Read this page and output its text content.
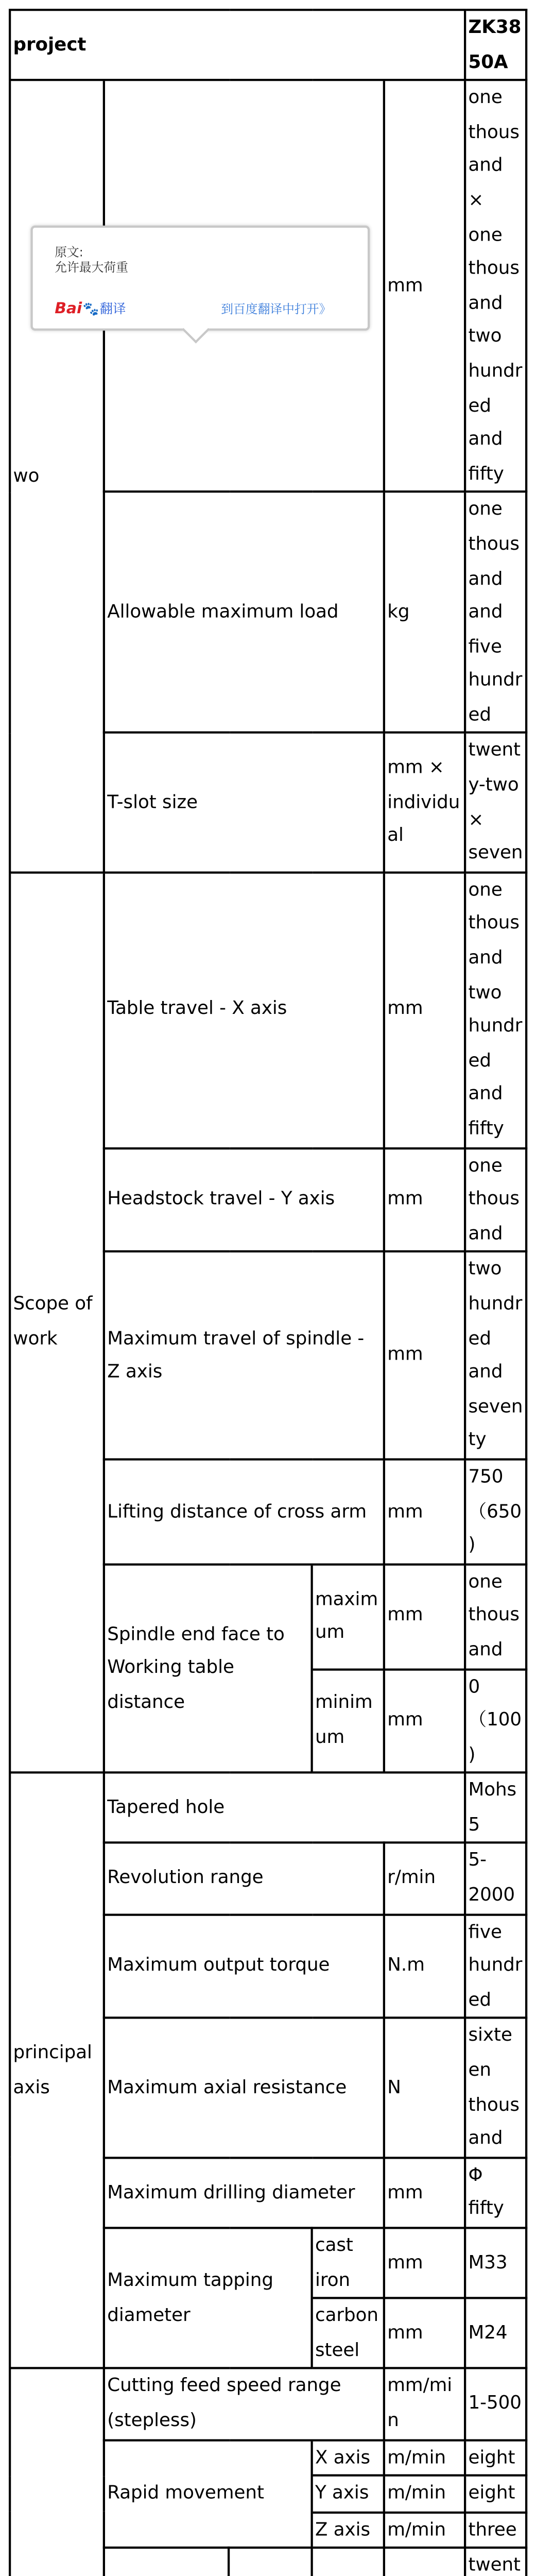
project					ZK3850A
wo				mm	one thousand × one thousand two hundred and fifty
	Allowable maximum load			kg	one thousand and five hundred
	T-slot size			mm × individual	twenty-two × seven
Scope of work	Table travel - X axis			mm	one thousand two hundred and fifty
	Headstock travel - Y axis			mm	one thousand
	Maximum travel of spindle - Z axis			mm	two hundred and seventy
	Lifting distance of cross arm			mm	750 （650)
	Spindle end face to Working table distance		maximum	mm	one thousand
			minimum	mm	0 （100)
principal axis	Tapered hole				Mohs 5
	Revolution range			r/min	5-2000
	Maximum output torque			N.m	five hundred
	Maximum axial resistance			N	sixteen thousand
	Maximum drilling diameter			mm	Φ fifty
	Maximum tapping diameter		cast iron	mm	M33
			carbon steel	mm	M24
	Cutting feed speed range (stepless)			mm/min	1-500
	Rapid movement		X axis	m/min	eight
			Y axis	m/min	eight
			Z axis	m/min	three
				twent

原文:
允许最大荷重
Bai 🐾 翻译	到百度翻译中打开》
